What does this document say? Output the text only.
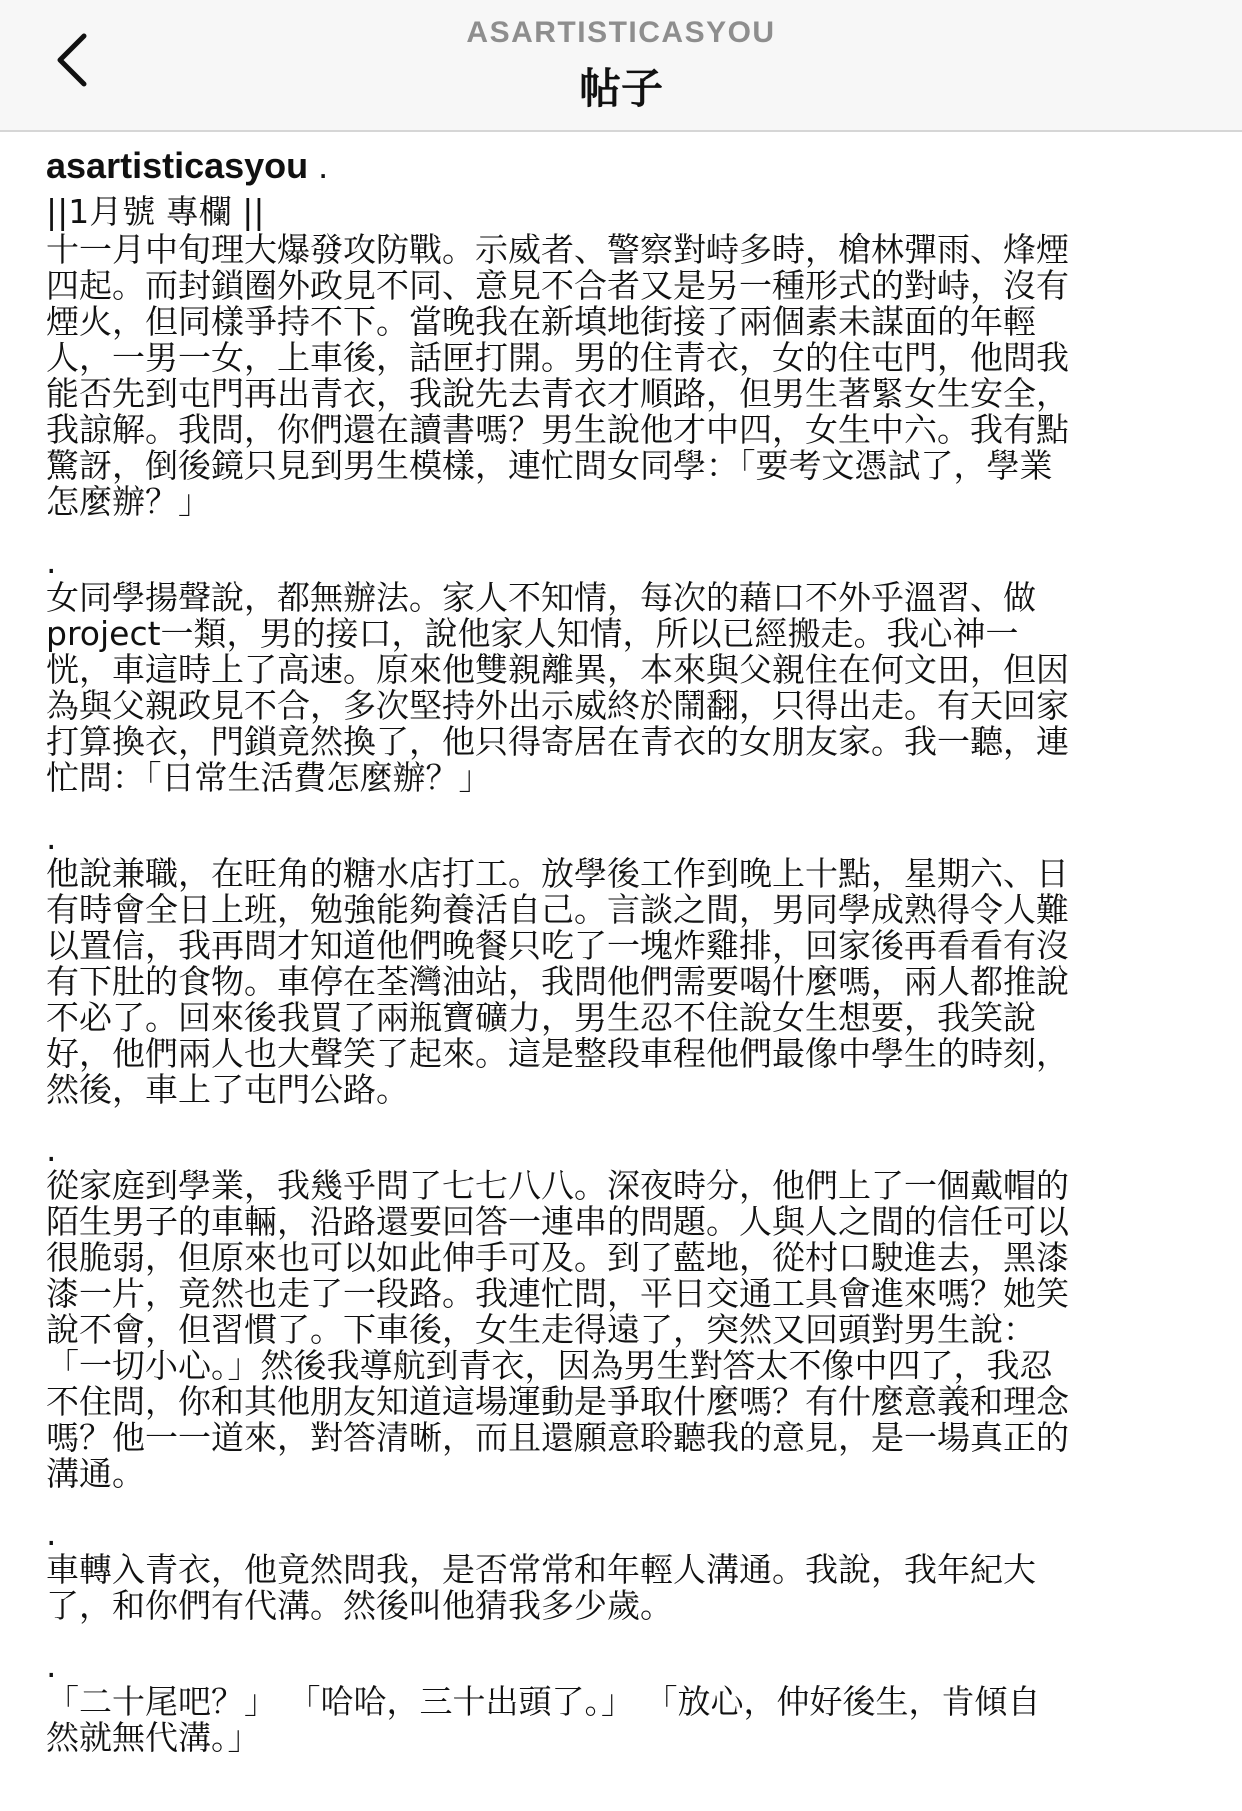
ASARTISTICASYOU
帖子

asartisticasyou .

||1月號 專欄 ||

十一月中旬理大爆發攻防戰。示威者、警察對峙多時，槍林彈雨、烽煙
四起。而封鎖圈外政見不同、意見不合者又是另一種形式的對峙，沒有
煙火，但同樣爭持不下。當晚我在新填地街接了兩個素未謀面的年輕
人，一男一女，上車後，話匣打開。男的住青衣，女的住屯門，他問我
能否先到屯門再出青衣，我說先去青衣才順路，但男生著緊女生安全，
我諒解。我問，你們還在讀書嗎？男生說他才中四，女生中六。我有點
驚訝，倒後鏡只見到男生模樣，連忙問女同學：「要考文憑試了，學業
怎麼辦？」

.

女同學揚聲說，都無辦法。家人不知情，每次的藉口不外乎溫習、做
project一類，男的接口，說他家人知情，所以已經搬走。我心神一
恍，車這時上了高速。原來他雙親離異，本來與父親住在何文田，但因
為與父親政見不合，多次堅持外出示威終於鬧翻，只得出走。有天回家
打算換衣，門鎖竟然換了，他只得寄居在青衣的女朋友家。我一聽，連
忙問：「日常生活費怎麼辦？」

.

他說兼職，在旺角的糖水店打工。放學後工作到晚上十點，星期六、日
有時會全日上班，勉強能夠養活自己。言談之間，男同學成熟得令人難
以置信，我再問才知道他們晚餐只吃了一塊炸雞排，回家後再看看有沒
有下肚的食物。車停在荃灣油站，我問他們需要喝什麼嗎，兩人都推說
不必了。回來後我買了兩瓶寶礦力，男生忍不住說女生想要，我笑說
好，他們兩人也大聲笑了起來。這是整段車程他們最像中學生的時刻，
然後，車上了屯門公路。

.

從家庭到學業，我幾乎問了七七八八。深夜時分，他們上了一個戴帽的
陌生男子的車輛，沿路還要回答一連串的問題。人與人之間的信任可以
很脆弱，但原來也可以如此伸手可及。到了藍地，從村口駛進去，黑漆
漆一片，竟然也走了一段路。我連忙問，平日交通工具會進來嗎？她笑
說不會，但習慣了。下車後，女生走得遠了，突然又回頭對男生說：
「一切小心。」然後我導航到青衣，因為男生對答太不像中四了，我忍
不住問，你和其他朋友知道這場運動是爭取什麼嗎？有什麼意義和理念
嗎？他一一道來，對答清晰，而且還願意聆聽我的意見，是一場真正的
溝通。

.

車轉入青衣，他竟然問我，是否常常和年輕人溝通。我說，我年紀大
了，和你們有代溝。然後叫他猜我多少歲。

.

「二十尾吧？」 「哈哈，三十出頭了。」 「放心，仲好後生，肯傾自
然就無代溝。」
